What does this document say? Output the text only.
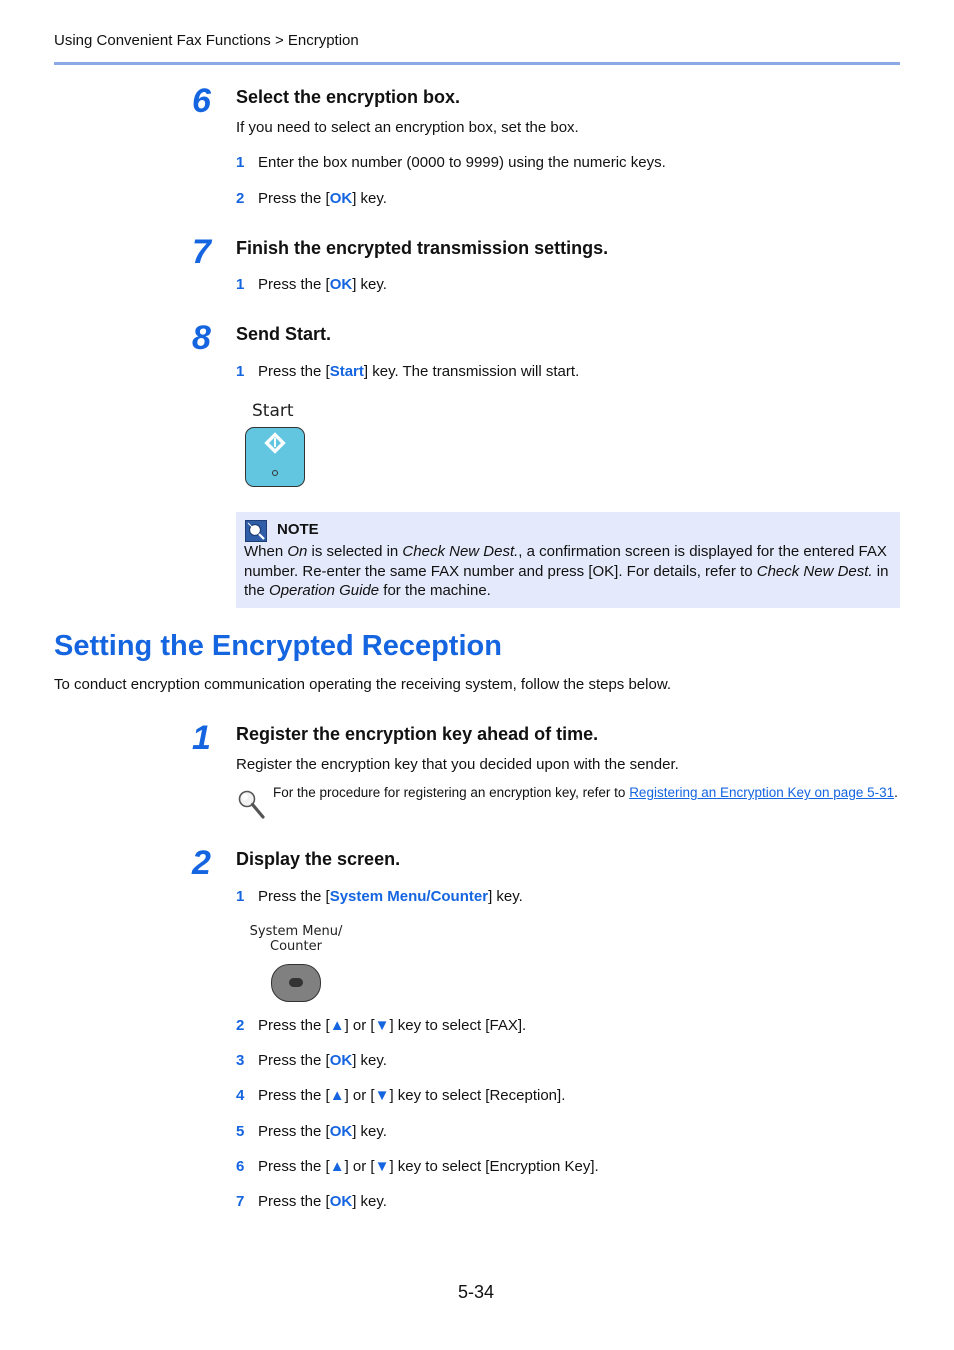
Using Convenient Fax Functions > Encryption
6	Select the encryption box.
If you need to select an encryption box, set the box.
1 Enter the box number (0000 to 9999) using the numeric keys.
2 Press the [OK] key.
7	Finish the encrypted transmission settings.
1 Press the [OK] key.
8	Send Start.
1 Press the [Start] key. The transmission will start.
Start
NOTE
When On is selected in Check New Dest., a confirmation screen is displayed for the entered FAX number. Re-enter the same FAX number and press [OK]. For details, refer to Check New Dest. in the Operation Guide for the machine.
Setting the Encrypted Reception
To conduct encryption communication operating the receiving system, follow the steps below.
1	Register the encryption key ahead of time.
Register the encryption key that you decided upon with the sender.
For the procedure for registering an encryption key, refer to Registering an Encryption Key on page 5-31.
2	Display the screen.
1 Press the [System Menu/Counter] key.
System Menu/
Counter
2 Press the [▲] or [▼] key to select [FAX].
3 Press the [OK] key.
4 Press the [▲] or [▼] key to select [Reception].
5 Press the [OK] key.
6 Press the [▲] or [▼] key to select [Encryption Key].
7 Press the [OK] key.
5-34
